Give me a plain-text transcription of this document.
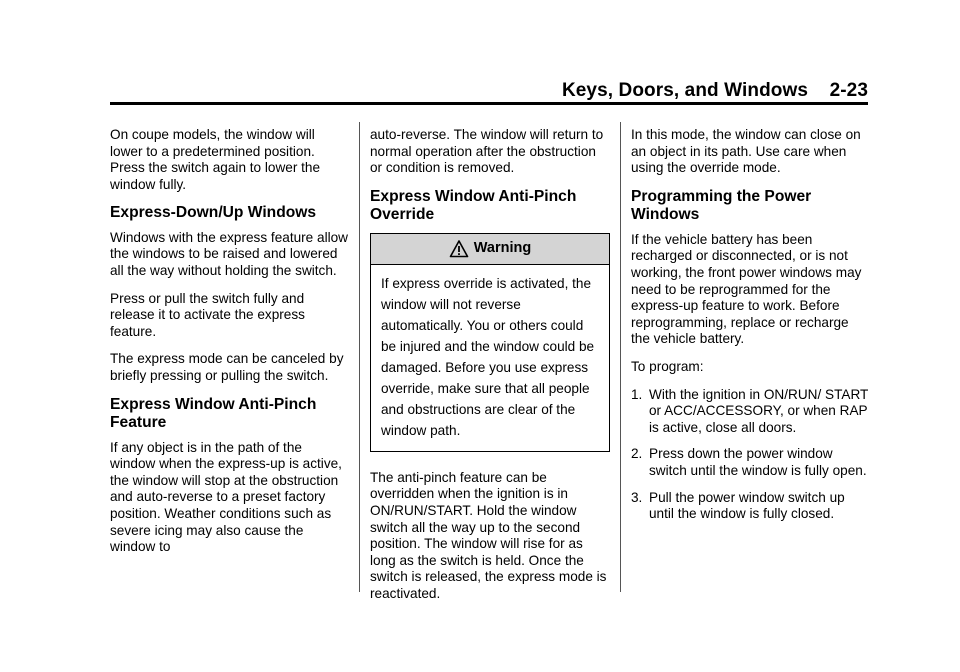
Keys, Doors, and Windows 2-23

On coupe models, the window will lower to a predetermined position. Press the switch again to lower the window fully.

Express-Down/Up Windows

Windows with the express feature allow the windows to be raised and lowered all the way without holding the switch.

Press or pull the switch fully and release it to activate the express feature.

The express mode can be canceled by briefly pressing or pulling the switch.

Express Window Anti-Pinch Feature

If any object is in the path of the window when the express-up is active, the window will stop at the obstruction and auto-reverse to a preset factory position. Weather conditions such as severe icing may also cause the window to

auto-reverse. The window will return to normal operation after the obstruction or condition is removed.

Express Window Anti-Pinch Override
Warning
If express override is activated, the window will not reverse automatically. You or others could be injured and the window could be damaged. Before you use express override, make sure that all people and obstructions are clear of the window path.

The anti-pinch feature can be overridden when the ignition is in ON/RUN/START. Hold the window switch all the way up to the second position. The window will rise for as long as the switch is held. Once the switch is released, the express mode is reactivated.

In this mode, the window can close on an object in its path. Use care when using the override mode.

Programming the Power Windows

If the vehicle battery has been recharged or disconnected, or is not working, the front power windows may need to be reprogrammed for the express-up feature to work. Before reprogramming, replace or recharge the vehicle battery.

To program:

1. With the ignition in ON/RUN/ START or ACC/ACCESSORY, or when RAP is active, close all doors.
2. Press down the power window switch until the window is fully open.
3. Pull the power window switch up until the window is fully closed.
